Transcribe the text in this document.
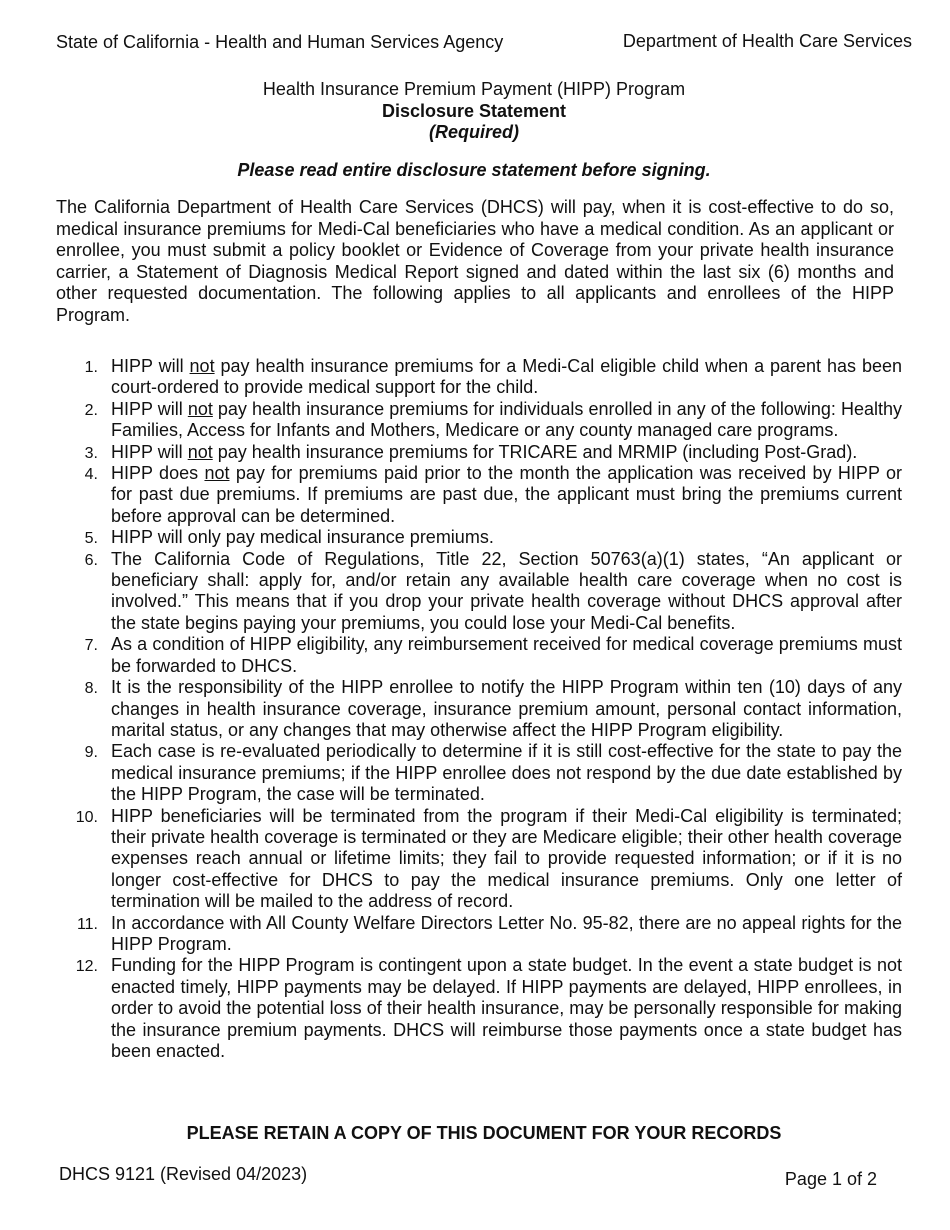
State of California - Health and Human Services Agency	Department of Health Care Services
Health Insurance Premium Payment (HIPP) Program
Disclosure Statement
(Required)
Please read entire disclosure statement before signing.

The California Department of Health Care Services (DHCS) will pay, when it is cost-effective to do so, medical insurance premiums for Medi-Cal beneficiaries who have a medical condition. As an applicant or enrollee, you must submit a policy booklet or Evidence of Coverage from your private health insurance carrier, a Statement of Diagnosis Medical Report signed and dated within the last six (6) months and other requested documentation. The following applies to all applicants and enrollees of the HIPP Program.

1. HIPP will not pay health insurance premiums for a Medi-Cal eligible child when a parent has been court-ordered to provide medical support for the child.
2. HIPP will not pay health insurance premiums for individuals enrolled in any of the following: Healthy Families, Access for Infants and Mothers, Medicare or any county managed care programs.
3. HIPP will not pay health insurance premiums for TRICARE and MRMIP (including Post-Grad).
4. HIPP does not pay for premiums paid prior to the month the application was received by HIPP or for past due premiums. If premiums are past due, the applicant must bring the premiums current before approval can be determined.
5. HIPP will only pay medical insurance premiums.
6. The California Code of Regulations, Title 22, Section 50763(a)(1) states, “An applicant or beneficiary shall: apply for, and/or retain any available health care coverage when no cost is involved.” This means that if you drop your private health coverage without DHCS approval after the state begins paying your premiums, you could lose your Medi-Cal benefits.
7. As a condition of HIPP eligibility, any reimbursement received for medical coverage premiums must be forwarded to DHCS.
8. It is the responsibility of the HIPP enrollee to notify the HIPP Program within ten (10) days of any changes in health insurance coverage, insurance premium amount, personal contact information, marital status, or any changes that may otherwise affect the HIPP Program eligibility.
9. Each case is re-evaluated periodically to determine if it is still cost-effective for the state to pay the medical insurance premiums; if the HIPP enrollee does not respond by the due date established by the HIPP Program, the case will be terminated.
10. HIPP beneficiaries will be terminated from the program if their Medi-Cal eligibility is terminated; their private health coverage is terminated or they are Medicare eligible; their other health coverage expenses reach annual or lifetime limits; they fail to provide requested information; or if it is no longer cost-effective for DHCS to pay the medical insurance premiums. Only one letter of termination will be mailed to the address of record.
11. In accordance with All County Welfare Directors Letter No. 95-82, there are no appeal rights for the HIPP Program.
12. Funding for the HIPP Program is contingent upon a state budget. In the event a state budget is not enacted timely, HIPP payments may be delayed. If HIPP payments are delayed, HIPP enrollees, in order to avoid the potential loss of their health insurance, may be personally responsible for making the insurance premium payments. DHCS will reimburse those payments once a state budget has been enacted.
PLEASE RETAIN A COPY OF THIS DOCUMENT FOR YOUR RECORDS
DHCS 9121 (Revised 04/2023)	Page 1 of 2
